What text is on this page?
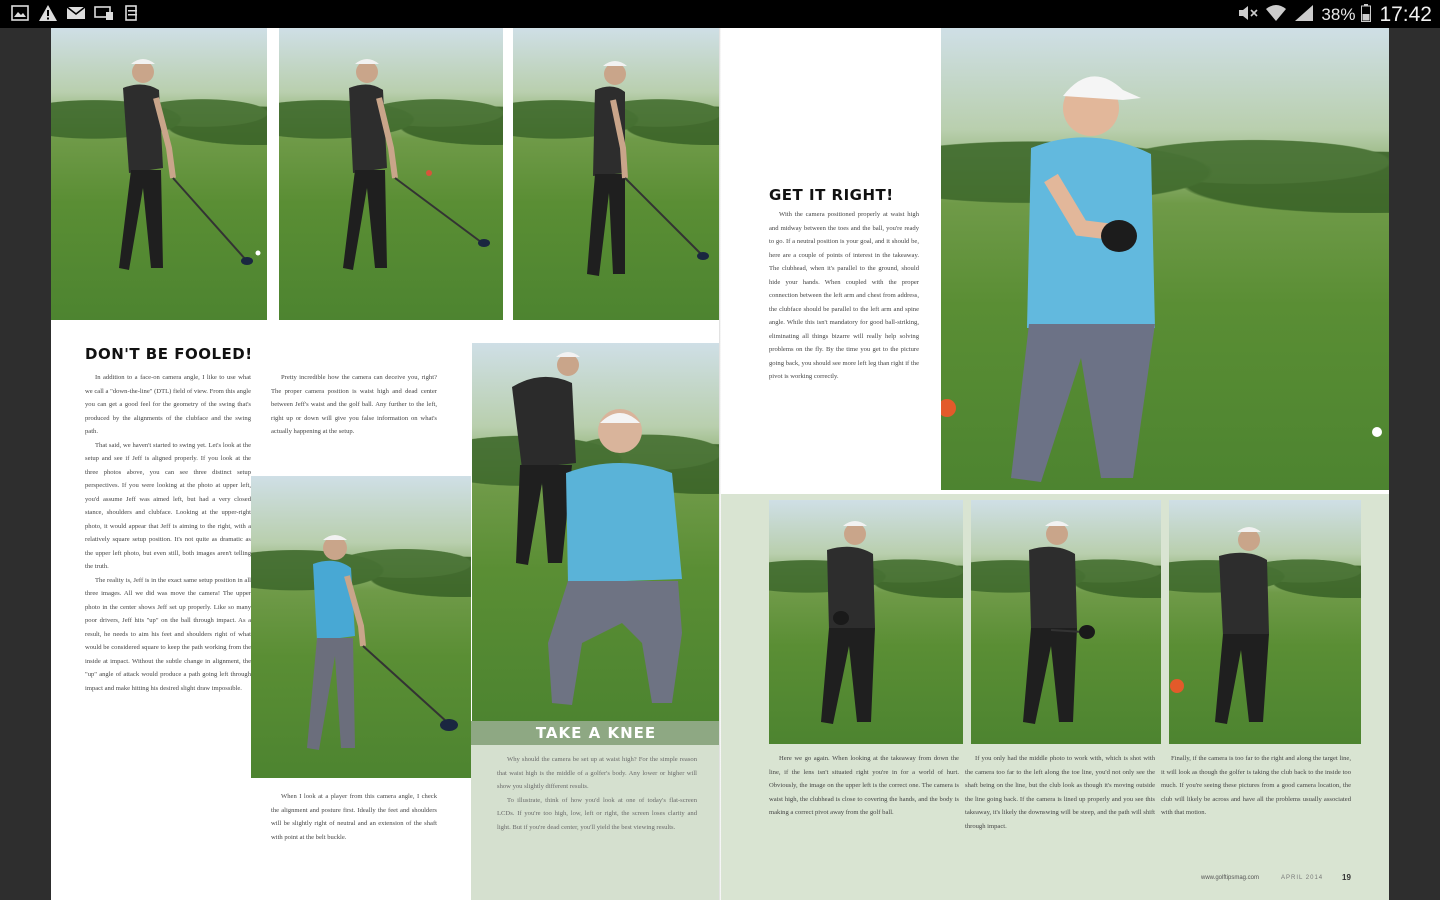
38% 17:42
DON'T BE FOOLED!

In addition to a face-on camera angle, I like to use what we call a "down-the-line" (DTL) field of view. From this angle you can get a good feel for the geometry of the swing that's produced by the alignments of the clubface and the swing path.

That said, we haven't started to swing yet. Let's look at the setup and see if Jeff is aligned properly. If you look at the three photos above, you can see three distinct setup perspectives. If you were looking at the photo at upper left, you'd assume Jeff was aimed left, but had a very closed stance, shoulders and clubface. Looking at the upper-right photo, it would appear that Jeff is aiming to the right, with a relatively square setup position. It's not quite as dramatic as the upper left photo, but even still, both images aren't telling the truth.

The reality is, Jeff is in the exact same setup position in all three images. All we did was move the camera! The upper photo in the center shows Jeff set up properly. Like so many poor drivers, Jeff hits "up" on the ball through impact. As a result, he needs to aim his feet and shoulders right of what would be considered square to keep the path working from the inside at impact. Without the subtle change in alignment, the "up" angle of attack would produce a path going left through impact and make hitting his desired slight draw impossible.

Pretty incredible how the camera can deceive you, right? The proper camera position is waist high and dead center between Jeff's waist and the golf ball. Any further to the left, right up or down will give you false information on what's actually happening at the setup.

When I look at a player from this camera angle, I check the alignment and posture first. Ideally the feet and shoulders will be slightly right of neutral and an extension of the shaft with point at the belt buckle.

Why should the camera be set up at waist high? For the simple reason that waist high is the middle of a golfer's body. Any lower or higher will show you slightly different results.

To illustrate, think of how you'd look at one of today's flat-screen LCDs. If you're too high, low, left or right, the screen loses clarity and light. But if you're dead center, you'll yield the best viewing results.

TAKE A KNEE
GET IT RIGHT!

With the camera positioned properly at waist high and midway between the toes and the ball, you're ready to go. If a neutral position is your goal, and it should be, here are a couple of points of interest in the takeaway. The clubhead, when it's parallel to the ground, should hide your hands. When coupled with the proper connection between the left arm and chest from address, the clubface should be parallel to the left arm and spine angle. While this isn't mandatory for good ball-striking, eliminating all things bizarre will really help solving problems on the fly. By the time you get to the picture going back, you should see more left leg than right if the pivot is working correctly.

Here we go again. When looking at the takeaway from down the line, if the lens isn't situated right you're in for a world of hurt. Obviously, the image on the upper left is the correct one. The camera is waist high, the clubhead is close to covering the hands, and the body is making a correct pivot away from the golf ball.

If you only had the middle photo to work with, which is shot with the camera too far to the left along the toe line, you'd not only see the shaft being on the line, but the club look as though it's moving outside the line going back. If the camera is lined up properly and you see this takeaway, it's likely the downswing will be steep, and the path will shift through impact.

Finally, if the camera is too far to the right and along the target line, it will look as though the golfer is taking the club back to the inside too much. If you're seeing these pictures from a good camera location, the club will likely be across and have all the problems usually associated with that motion.

www.golftipsmag.com	APRIL 2014 19
